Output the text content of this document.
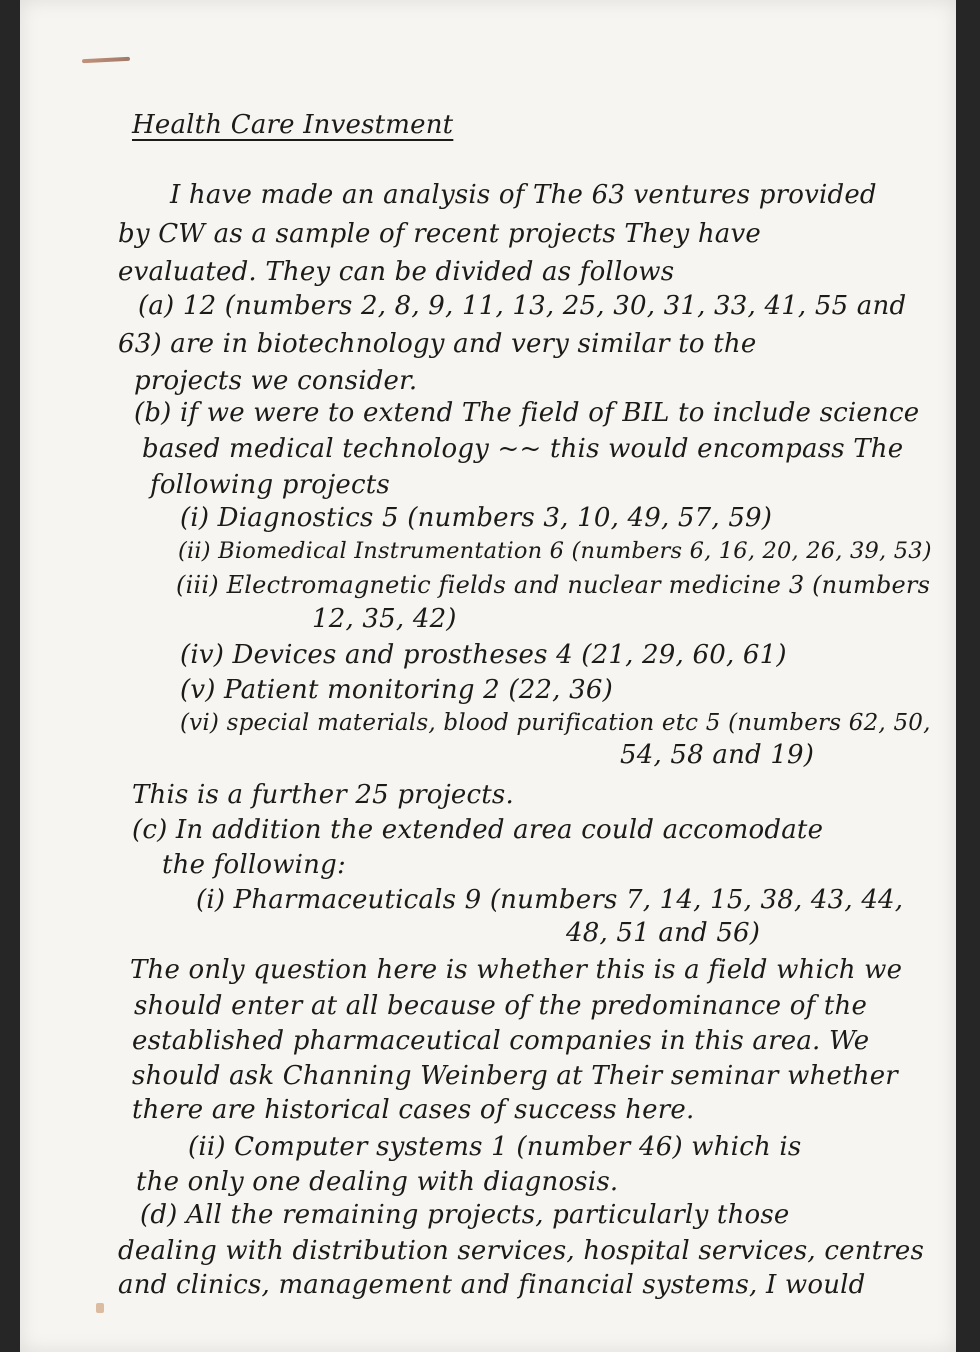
Health Care Investment
I have made an analysis of The 63 ventures provided
by CW as a sample of recent projects They have
evaluated. They can be divided as follows
(a) 12 (numbers 2, 8, 9, 11, 13, 25, 30, 31, 33, 41, 55 and
63) are in biotechnology and very similar to the
projects we consider.
(b) if we were to extend The field of BIL to include science
based medical technology ~~ this would encompass The
following projects
(i) Diagnostics 5 (numbers 3, 10, 49, 57, 59)
(ii) Biomedical Instrumentation 6 (numbers 6, 16, 20, 26, 39, 53)
(iii) Electromagnetic fields and nuclear medicine 3 (numbers
12, 35, 42)
(iv) Devices and prostheses 4 (21, 29, 60, 61)
(v) Patient monitoring 2 (22, 36)
(vi) special materials, blood purification etc 5 (numbers 62, 50,
54, 58 and 19)
This is a further 25 projects.
(c) In addition the extended area could accomodate
the following:
(i) Pharmaceuticals 9 (numbers 7, 14, 15, 38, 43, 44,
48, 51 and 56)
The only question here is whether this is a field which we
should enter at all because of the predominance of the
established pharmaceutical companies in this area. We
should ask Channing Weinberg at Their seminar whether
there are historical cases of success here.
(ii) Computer systems 1 (number 46) which is
the only one dealing with diagnosis.
(d) All the remaining projects, particularly those
dealing with distribution services, hospital services, centres
and clinics, management and financial systems, I would
